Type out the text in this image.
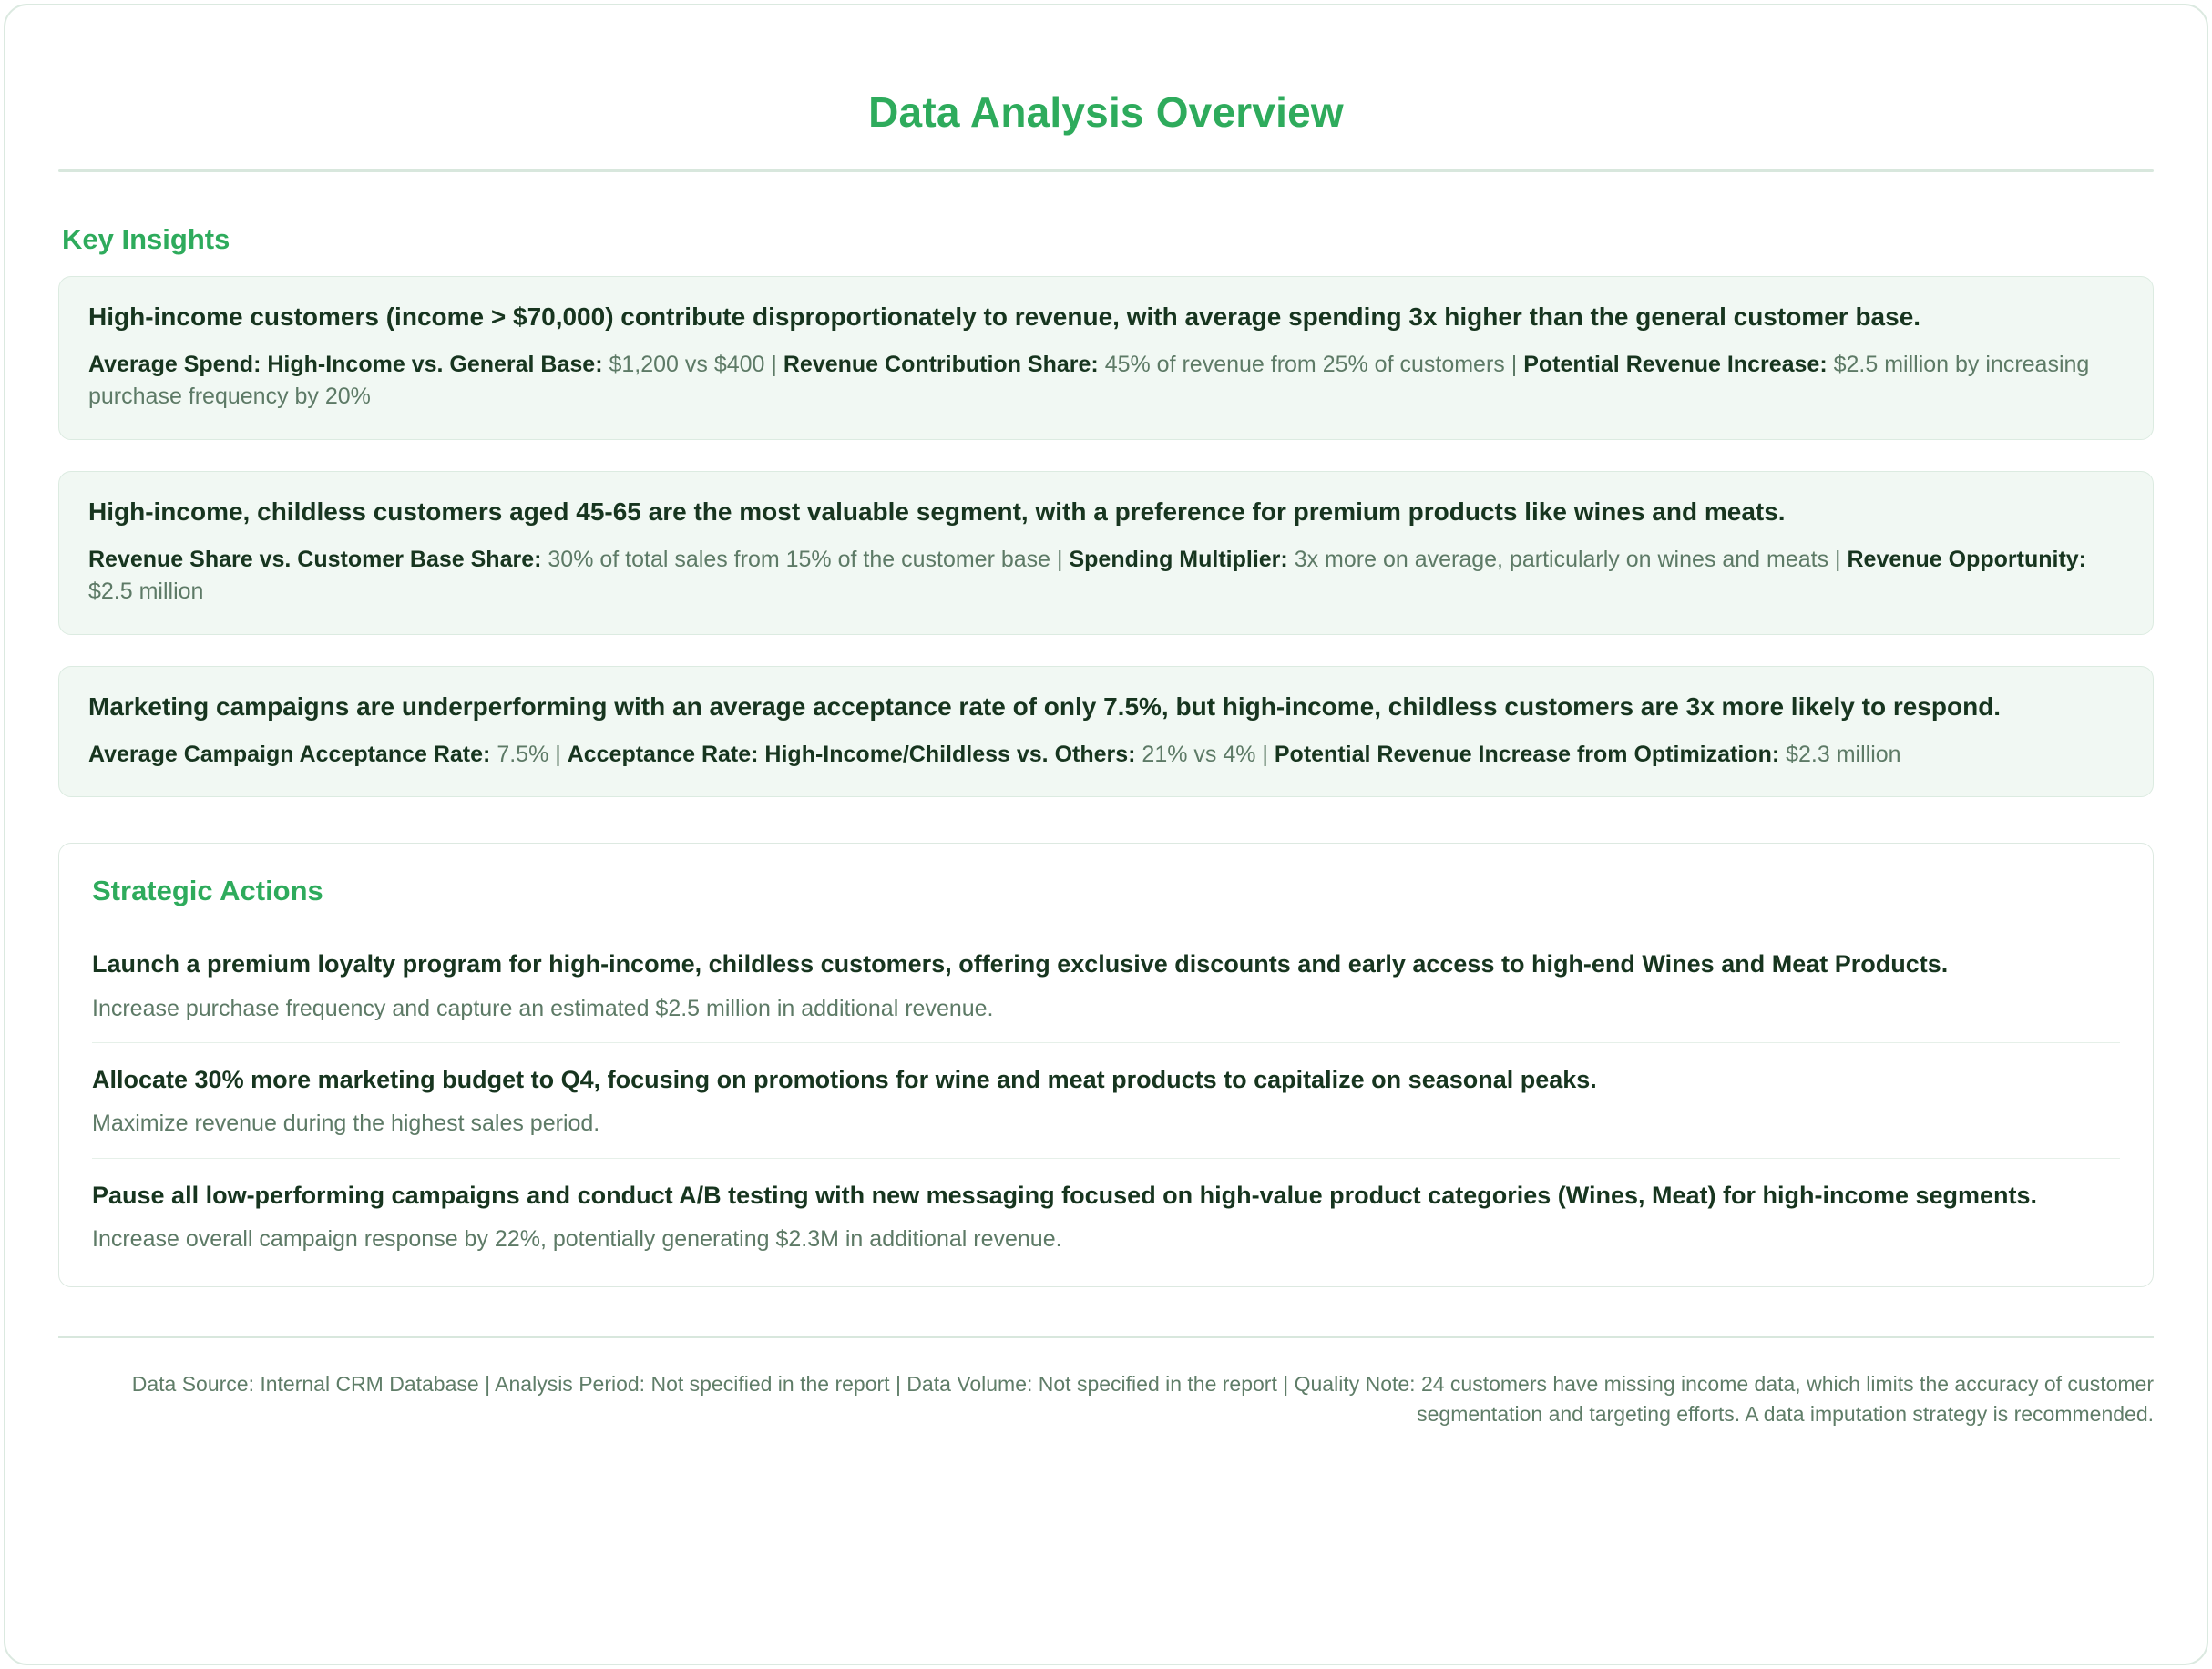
Data Analysis Overview
Key Insights
High-income customers (income > $70,000) contribute disproportionately to revenue, with average spending 3x higher than the general customer base.
Average Spend: High-Income vs. General Base: $1,200 vs $400 | Revenue Contribution Share: 45% of revenue from 25% of customers | Potential Revenue Increase: $2.5 million by increasing purchase frequency by 20%
High-income, childless customers aged 45-65 are the most valuable segment, with a preference for premium products like wines and meats.
Revenue Share vs. Customer Base Share: 30% of total sales from 15% of the customer base | Spending Multiplier: 3x more on average, particularly on wines and meats | Revenue Opportunity: $2.5 million
Marketing campaigns are underperforming with an average acceptance rate of only 7.5%, but high-income, childless customers are 3x more likely to respond.
Average Campaign Acceptance Rate: 7.5% | Acceptance Rate: High-Income/Childless vs. Others: 21% vs 4% | Potential Revenue Increase from Optimization: $2.3 million
Strategic Actions
Launch a premium loyalty program for high-income, childless customers, offering exclusive discounts and early access to high-end Wines and Meat Products.
Increase purchase frequency and capture an estimated $2.5 million in additional revenue.
Allocate 30% more marketing budget to Q4, focusing on promotions for wine and meat products to capitalize on seasonal peaks.
Maximize revenue during the highest sales period.
Pause all low-performing campaigns and conduct A/B testing with new messaging focused on high-value product categories (Wines, Meat) for high-income segments.
Increase overall campaign response by 22%, potentially generating $2.3M in additional revenue.
Data Source: Internal CRM Database | Analysis Period: Not specified in the report | Data Volume: Not specified in the report | Quality Note: 24 customers have missing income data, which limits the accuracy of customer segmentation and targeting efforts. A data imputation strategy is recommended.
